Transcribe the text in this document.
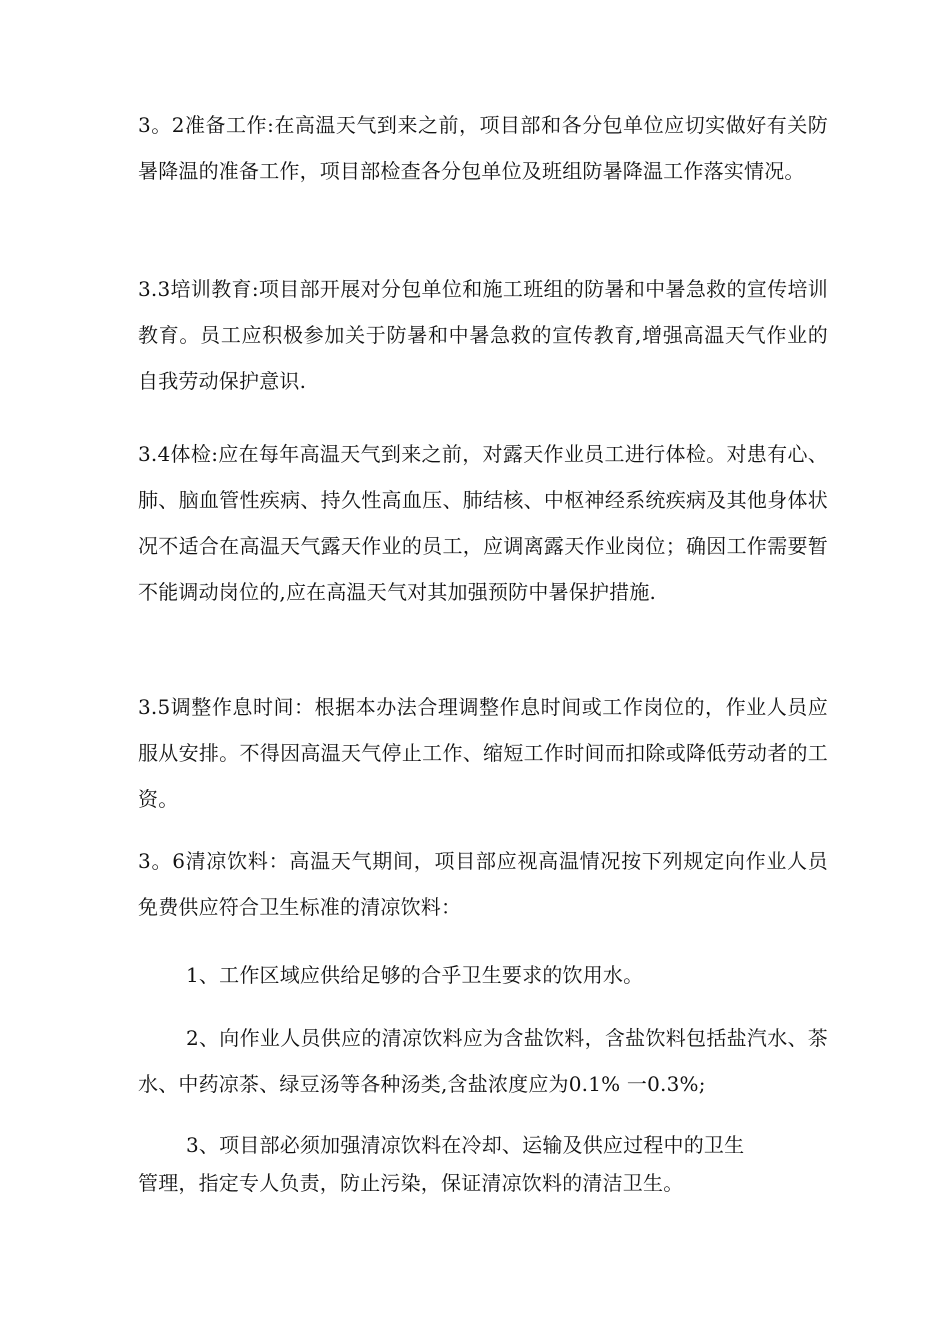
3。2准备工作:在高温天气到来之前，项目部和各分包单位应切实做好有关防暑降温的准备工作，项目部检查各分包单位及班组防暑降温工作落实情况。

3.3培训教育:项目部开展对分包单位和施工班组的防暑和中暑急救的宣传培训教育。员工应积极参加关于防暑和中暑急救的宣传教育,增强高温天气作业的自我劳动保护意识.

3.4体检:应在每年高温天气到来之前，对露天作业员工进行体检。对患有心、肺、脑血管性疾病、持久性高血压、肺结核、中枢神经系统疾病及其他身体状况不适合在高温天气露天作业的员工，应调离露天作业岗位；确因工作需要暂不能调动岗位的,应在高温天气对其加强预防中暑保护措施.

3.5调整作息时间：根据本办法合理调整作息时间或工作岗位的，作业人员应服从安排。不得因高温天气停止工作、缩短工作时间而扣除或降低劳动者的工资。

3。6清凉饮料：高温天气期间，项目部应视高温情况按下列规定向作业人员免费供应符合卫生标准的清凉饮料：

1、工作区域应供给足够的合乎卫生要求的饮用水。

2、向作业人员供应的清凉饮料应为含盐饮料，含盐饮料包括盐汽水、茶水、中药凉茶、绿豆汤等各种汤类,含盐浓度应为0.1% 一0.3%;

3、项目部必须加强清凉饮料在冷却、运输及供应过程中的卫生

管理，指定专人负责，防止污染，保证清凉饮料的清洁卫生。
